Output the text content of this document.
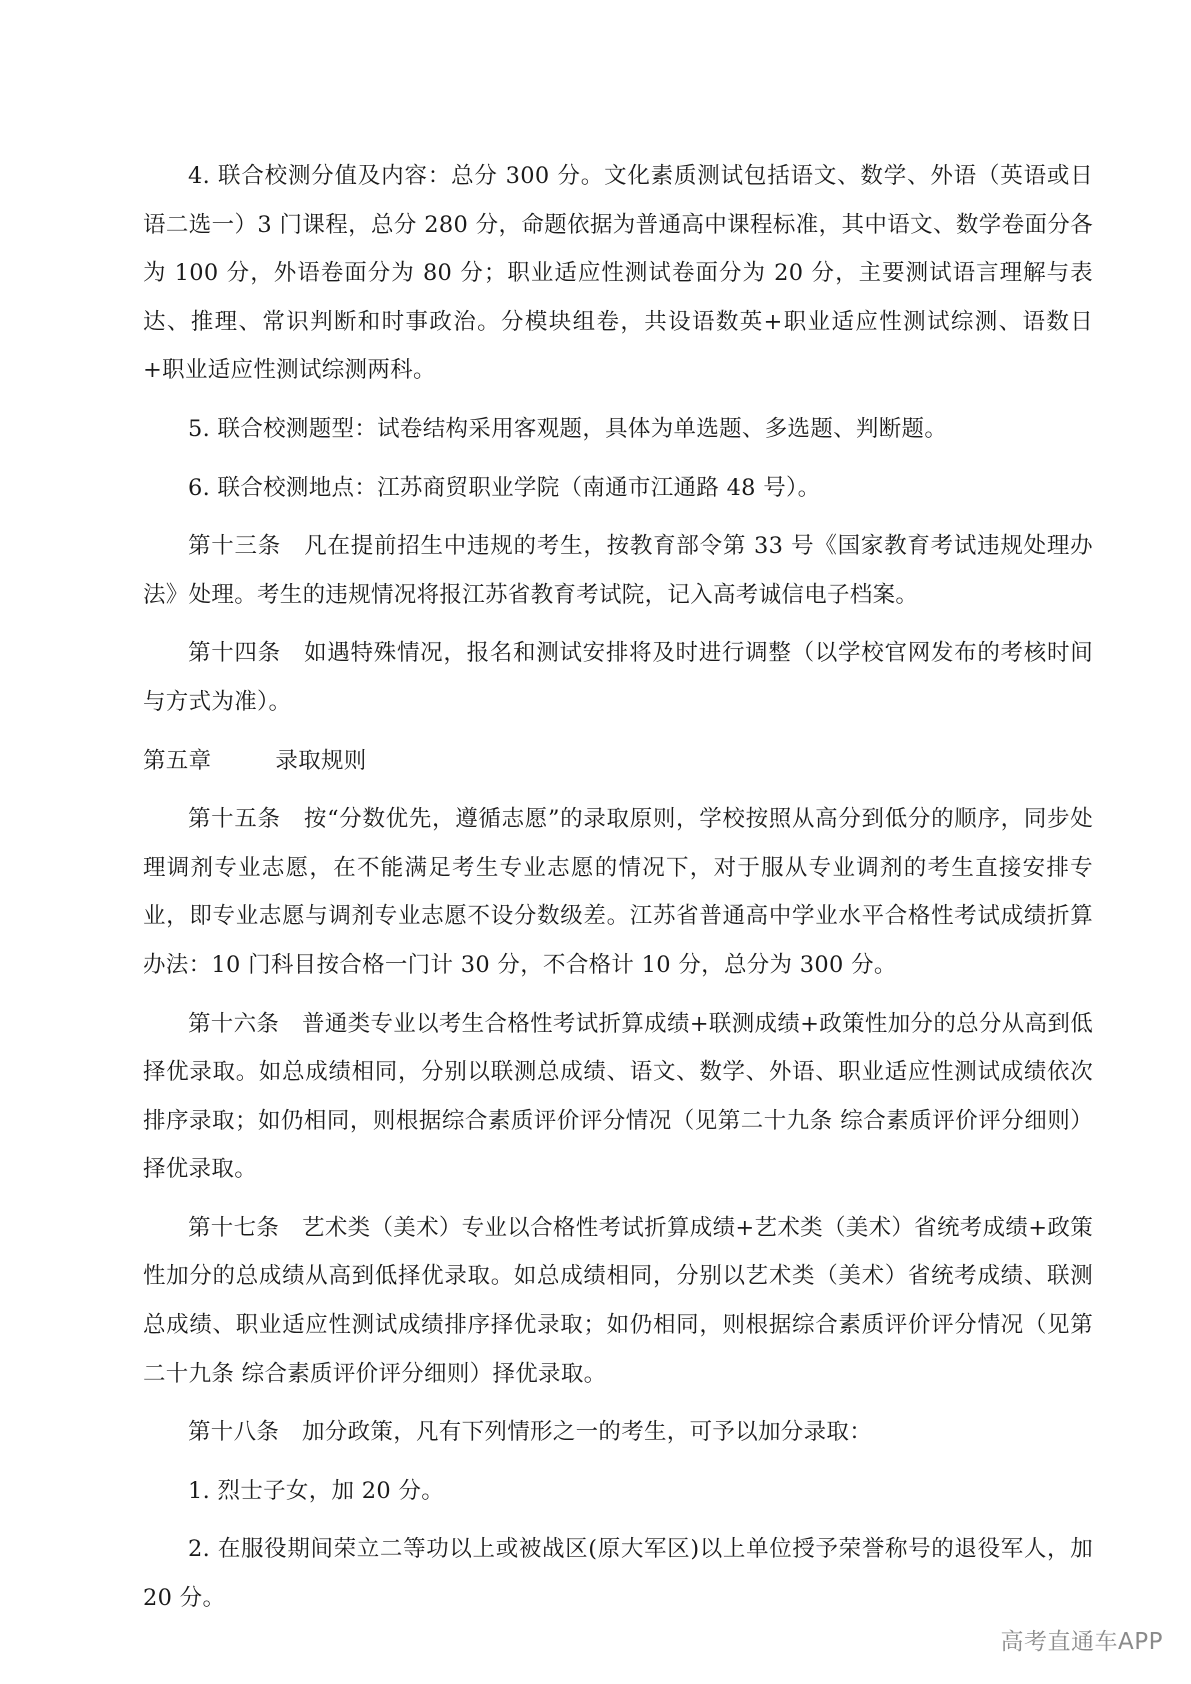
4. 联合校测分值及内容：总分 300 分。文化素质测试包括语文、数学、外语（英语或日语二选一）3 门课程，总分 280 分，命题依据为普通高中课程标准，其中语文、数学卷面分各为 100 分，外语卷面分为 80 分；职业适应性测试卷面分为 20 分，主要测试语言理解与表达、推理、常识判断和时事政治。分模块组卷，共设语数英+职业适应性测试综测、语数日+职业适应性测试综测两科。

5. 联合校测题型：试卷结构采用客观题，具体为单选题、多选题、判断题。

6. 联合校测地点：江苏商贸职业学院（南通市江通路 48 号）。

第十三条　凡在提前招生中违规的考生，按教育部令第 33 号《国家教育考试违规处理办法》处理。考生的违规情况将报江苏省教育考试院，记入高考诚信电子档案。

第十四条　如遇特殊情况，报名和测试安排将及时进行调整（以学校官网发布的考核时间与方式为准）。

第五章	录取规则

第十五条　按“分数优先，遵循志愿”的录取原则，学校按照从高分到低分的顺序，同步处理调剂专业志愿，在不能满足考生专业志愿的情况下，对于服从专业调剂的考生直接安排专业，即专业志愿与调剂专业志愿不设分数级差。江苏省普通高中学业水平合格性考试成绩折算办法：10 门科目按合格一门计 30 分，不合格计 10 分，总分为 300 分。

第十六条　普通类专业以考生合格性考试折算成绩+联测成绩+政策性加分的总分从高到低择优录取。如总成绩相同，分别以联测总成绩、语文、数学、外语、职业适应性测试成绩依次排序录取；如仍相同，则根据综合素质评价评分情况（见第二十九条 综合素质评价评分细则）择优录取。

第十七条　艺术类（美术）专业以合格性考试折算成绩+艺术类（美术）省统考成绩+政策性加分的总成绩从高到低择优录取。如总成绩相同，分别以艺术类（美术）省统考成绩、联测总成绩、职业适应性测试成绩排序择优录取；如仍相同，则根据综合素质评价评分情况（见第二十九条 综合素质评价评分细则）择优录取。

第十八条　加分政策，凡有下列情形之一的考生，可予以加分录取：

1. 烈士子女，加 20 分。

2. 在服役期间荣立二等功以上或被战区(原大军区)以上单位授予荣誉称号的退役军人，加 20 分。

高考直通车APP
